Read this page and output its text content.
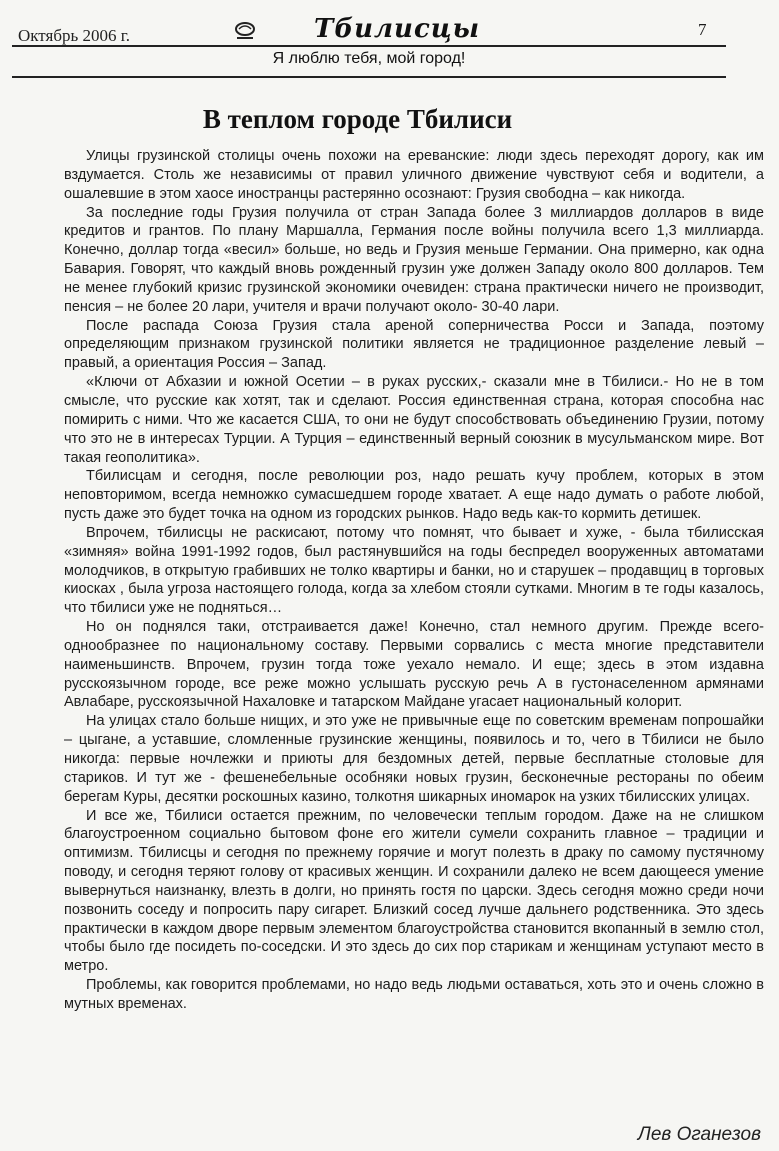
Октябрь 2006 г.	Тбилисцы	7
Я люблю тебя, мой город!
В теплом городе Тбилиси

Улицы грузинской столицы очень похожи на ереванские: люди здесь переходят дорогу, как им вздумается. Столь же независимы от правил уличного движение чувствуют себя и водители, а ошалевшие в этом хаосе иностранцы растерянно осознают: Грузия свободна – как никогда.

За последние годы Грузия получила от стран Запада более 3 миллиардов долларов в виде кредитов и грантов. По плану Маршалла, Германия после войны получила всего 1,3 миллиарда. Конечно, доллар тогда «весил» больше, но ведь и Грузия меньше Германии. Она примерно, как одна Бавария. Говорят, что каждый вновь рожденный грузин уже должен Западу около 800 долларов. Тем не менее глубокий кризис грузинской экономики очевиден: страна практически ничего не производит, пенсия – не более 20 лари, учителя и врачи получают около- 30-40 лари.

После распада Союза Грузия стала ареной соперничества Росси и Запада, поэтому определяющим признаком грузинской политики является не традиционное разделение левый – правый, а ориентация Россия – Запад.

«Ключи от Абхазии и южной Осетии – в руках русских,- сказали мне в Тбилиси.- Но не в том смысле, что русские как хотят, так и сделают. Россия единственная страна, которая способна нас помирить с ними. Что же касается США, то они не будут способствовать объединению Грузии, потому что это не в интересах Турции. А Турция – единственный верный союзник в мусульманском мире. Вот такая геополитика».

Тбилисцам и сегодня, после революции роз, надо решать кучу проблем, которых в этом неповторимом, всегда немножко сумасшедшем городе хватает. А еще надо думать о работе любой, пусть даже это будет точка на одном из городских рынков. Надо ведь как-то кормить детишек.

Впрочем, тбилисцы не раскисают, потому что помнят, что бывает и хуже, - была тбилисская «зимняя» война 1991-1992 годов, был растянувшийся на годы беспредел вооруженных автоматами молодчиков, в открытую грабивших не толко квартиры и банки, но и старушек – продавщиц в торговых киосках , была угроза настоящего голода, когда за хлебом стояли сутками. Многим в те годы казалось, что тбилиси уже не подняться…

Но он поднялся таки, отстраивается даже! Конечно, стал немного другим. Прежде всего- однообразнее по национальному составу. Первыми сорвались с места многие представители наименьшинств. Впрочем, грузин тогда тоже уехало немало. И еще; здесь в этом издавна русскоязычном городе, все реже можно услышать русскую речь А в густонаселенном армянами Авлабаре, русскоязычной Нахаловке и татарском Майдане угасает национальный колорит.

На улицах стало больше нищих, и это уже не привычные еще по советским временам попрошайки – цыгане, а уставшие, сломленные грузинские женщины, появилось и то, чего в Тбилиси не было никогда: первые ночлежки и приюты для бездомных детей, первые бесплатные столовые для стариков. И тут же - фешенебельные особняки новых грузин, бесконечные рестораны по обеим берегам Куры, десятки роскошных казино, толкотня шикарных иномарок на узких тбилисских улицах.

И все же, Тбилиси остается прежним, по человечески теплым городом. Даже на не слишком благоустроенном социально бытовом фоне его жители сумели сохранить главное – традиции и оптимизм. Тбилисцы и сегодня по прежнему горячие и могут полезть в драку по самому пустячному поводу, и сегодня теряют голову от красивых женщин. И сохранили далеко не всем дающееся умение вывернуться наизнанку, влезть в долги, но принять гостя по царски. Здесь сегодня можно среди ночи позвонить соседу и попросить пару сигарет. Близкий сосед лучше дальнего родственника. Это здесь практически в каждом дворе первым элементом благоустройства становится вкопанный в землю стол, чтобы было где посидеть по-соседски. И это здесь до сих пор старикам и женщинам уступают место в метро.

Проблемы, как говорится проблемами, но надо ведь людьми оставаться, хоть это и очень сложно в мутных временах.

Лев Оганезов
